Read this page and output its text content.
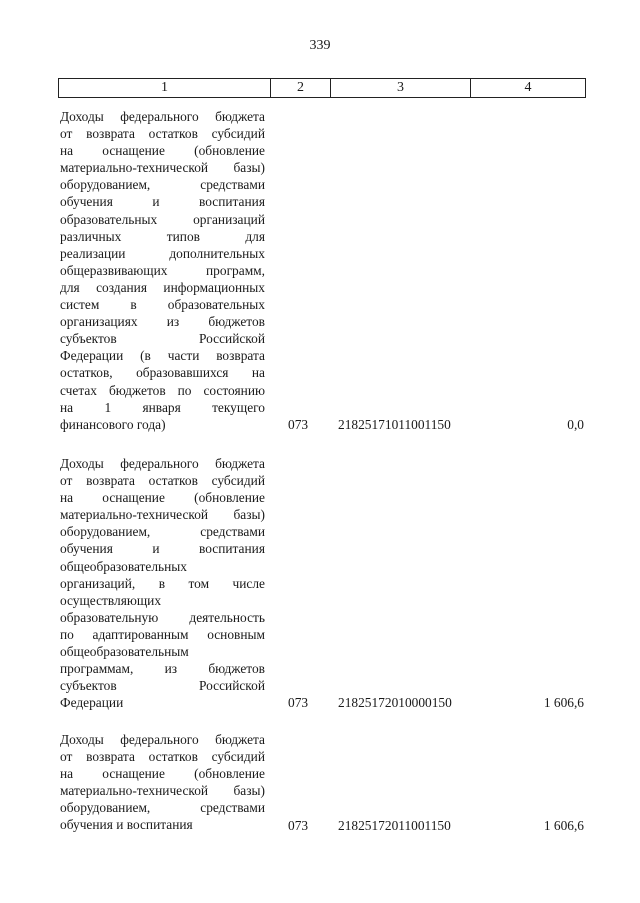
339
1	2	3	4
Доходы федерального бюджета
от возврата остатков субсидий
на оснащение (обновление
материально-технической базы)
оборудованием, средствами
обучения и воспитания
образовательных организаций
различных типов для
реализации дополнительных
общеразвивающих программ,
для создания информационных
систем в образовательных
организациях из бюджетов
субъектов Российской
Федерации (в части возврата
остатков, образовавшихся на
счетах бюджетов по состоянию
на 1 января текущего
финансового года)	073 21825171011001150	0,0
Доходы федерального бюджета
от возврата остатков субсидий
на оснащение (обновление
материально-технической базы)
оборудованием, средствами
обучения и воспитания
общеобразовательных
организаций, в том числе
осуществляющих
образовательную деятельность
по адаптированным основным
общеобразовательным
программам, из бюджетов
субъектов Российской
Федерации	073 21825172010000150	1 606,6
Доходы федерального бюджета
от возврата остатков субсидий
на оснащение (обновление
материально-технической базы)
оборудованием, средствами
обучения и воспитания	073 21825172011001150	1 606,6
